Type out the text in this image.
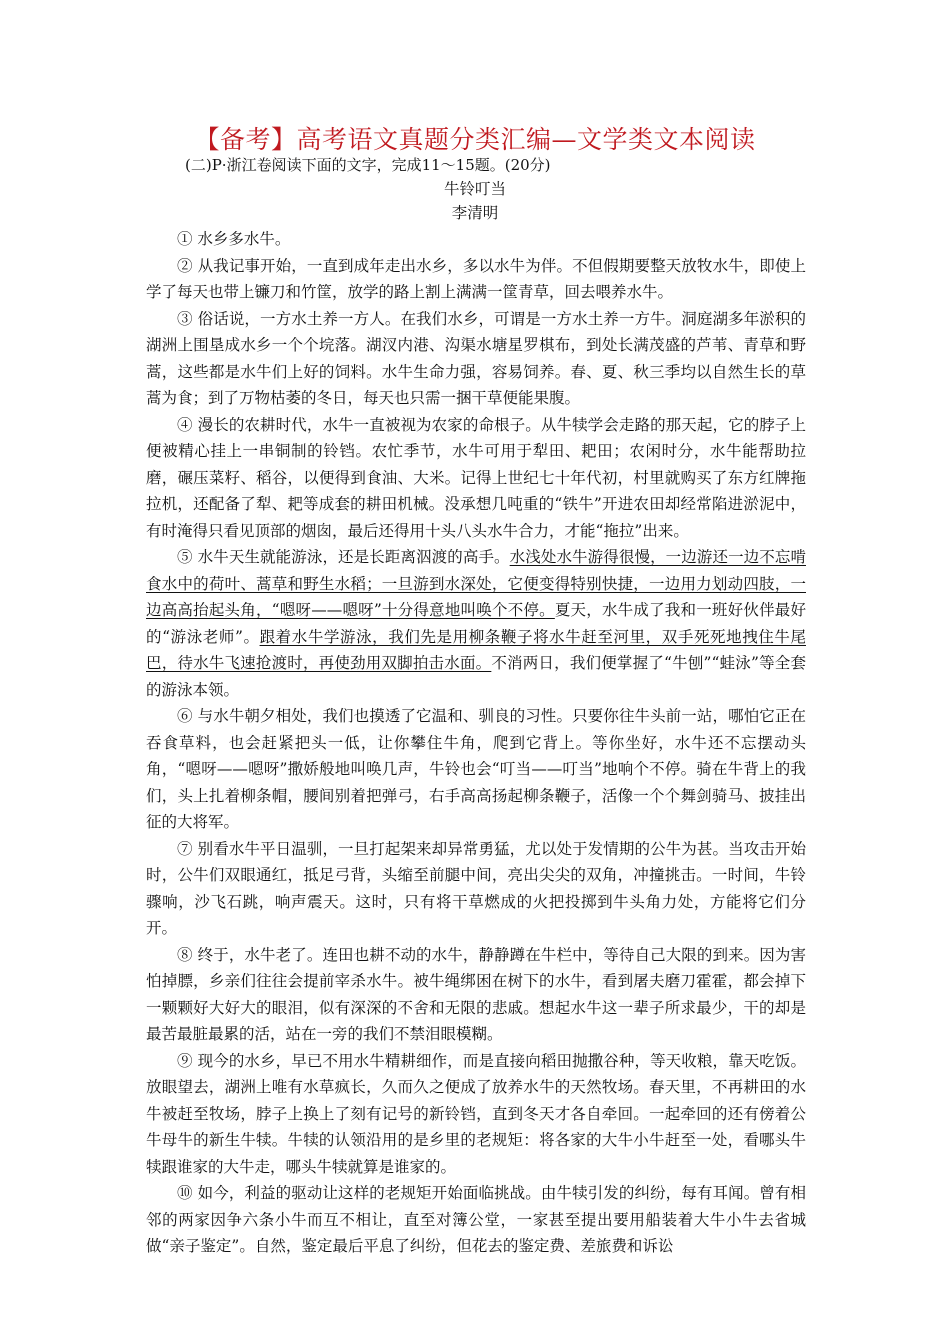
【备考】高考语文真题分类汇编—文学类文本阅读
(二)P·浙江卷阅读下面的文字，完成11～15题。(20分)
牛铃叮当
李清明

① 水乡多水牛。

② 从我记事开始，一直到成年走出水乡，多以水牛为伴。不但假期要整天放牧水牛，即使上学了每天也带上镰刀和竹筐，放学的路上割上满满一筐青草，回去喂养水牛。

③ 俗话说，一方水土养一方人。在我们水乡，可谓是一方水土养一方牛。洞庭湖多年淤积的湖洲上围垦成水乡一个个垸落。湖汊内港、沟渠水塘星罗棋布，到处长满茂盛的芦苇、青草和野蒿，这些都是水牛们上好的饲料。水牛生命力强，容易饲养。春、夏、秋三季均以自然生长的草蒿为食；到了万物枯萎的冬日，每天也只需一捆干草便能果腹。

④ 漫长的农耕时代，水牛一直被视为农家的命根子。从牛犊学会走路的那天起，它的脖子上便被精心挂上一串铜制的铃铛。农忙季节，水牛可用于犁田、耙田；农闲时分，水牛能帮助拉磨，碾压菜籽、稻谷，以便得到食油、大米。记得上世纪七十年代初，村里就购买了东方红牌拖拉机，还配备了犁、耙等成套的耕田机械。没承想几吨重的“铁牛”开进农田却经常陷进淤泥中，有时淹得只看见顶部的烟囱，最后还得用十头八头水牛合力，才能“拖拉”出来。

⑤ 水牛天生就能游泳，还是长距离泅渡的高手。水浅处水牛游得很慢，一边游还一边不忘啃食水中的荷叶、蒿草和野生水稻；一旦游到水深处，它便变得特别快捷，一边用力划动四肢，一边高高抬起头角，“嗯呀——嗯呀”十分得意地叫唤个不停。夏天，水牛成了我和一班好伙伴最好的“游泳老师”。跟着水牛学游泳，我们先是用柳条鞭子将水牛赶至河里，双手死死地拽住牛尾巴，待水牛飞速抢渡时，再使劲用双脚拍击水面。不消两日，我们便掌握了“牛刨”“蛙泳”等全套的游泳本领。

⑥ 与水牛朝夕相处，我们也摸透了它温和、驯良的习性。只要你往牛头前一站，哪怕它正在吞食草料，也会赶紧把头一低，让你攀住牛角，爬到它背上。等你坐好，水牛还不忘摆动头角，“嗯呀——嗯呀”撒娇般地叫唤几声，牛铃也会“叮当——叮当”地响个不停。骑在牛背上的我们，头上扎着柳条帽，腰间别着把弹弓，右手高高扬起柳条鞭子，活像一个个舞剑骑马、披挂出征的大将军。

⑦ 别看水牛平日温驯，一旦打起架来却异常勇猛，尤以处于发情期的公牛为甚。当攻击开始时，公牛们双眼通红，抵足弓背，头缩至前腿中间，亮出尖尖的双角，冲撞挑击。一时间，牛铃骤响，沙飞石跳，响声震天。这时，只有将干草燃成的火把投掷到牛头角力处，方能将它们分开。

⑧ 终于，水牛老了。连田也耕不动的水牛，静静蹲在牛栏中，等待自己大限的到来。因为害怕掉膘，乡亲们往往会提前宰杀水牛。被牛绳绑困在树下的水牛，看到屠夫磨刀霍霍，都会掉下一颗颗好大好大的眼泪，似有深深的不舍和无限的悲戚。想起水牛这一辈子所求最少，干的却是最苦最脏最累的活，站在一旁的我们不禁泪眼模糊。

⑨ 现今的水乡，早已不用水牛精耕细作，而是直接向稻田抛撒谷种，等天收粮，靠天吃饭。放眼望去，湖洲上唯有水草疯长，久而久之便成了放养水牛的天然牧场。春天里，不再耕田的水牛被赶至牧场，脖子上换上了刻有记号的新铃铛，直到冬天才各自牵回。一起牵回的还有傍着公牛母牛的新生牛犊。牛犊的认领沿用的是乡里的老规矩：将各家的大牛小牛赶至一处，看哪头牛犊跟谁家的大牛走，哪头牛犊就算是谁家的。

⑩ 如今，利益的驱动让这样的老规矩开始面临挑战。由牛犊引发的纠纷，每有耳闻。曾有相邻的两家因争六条小牛而互不相让，直至对簿公堂，一家甚至提出要用船装着大牛小牛去省城做“亲子鉴定”。自然，鉴定最后平息了纠纷，但花去的鉴定费、差旅费和诉讼
